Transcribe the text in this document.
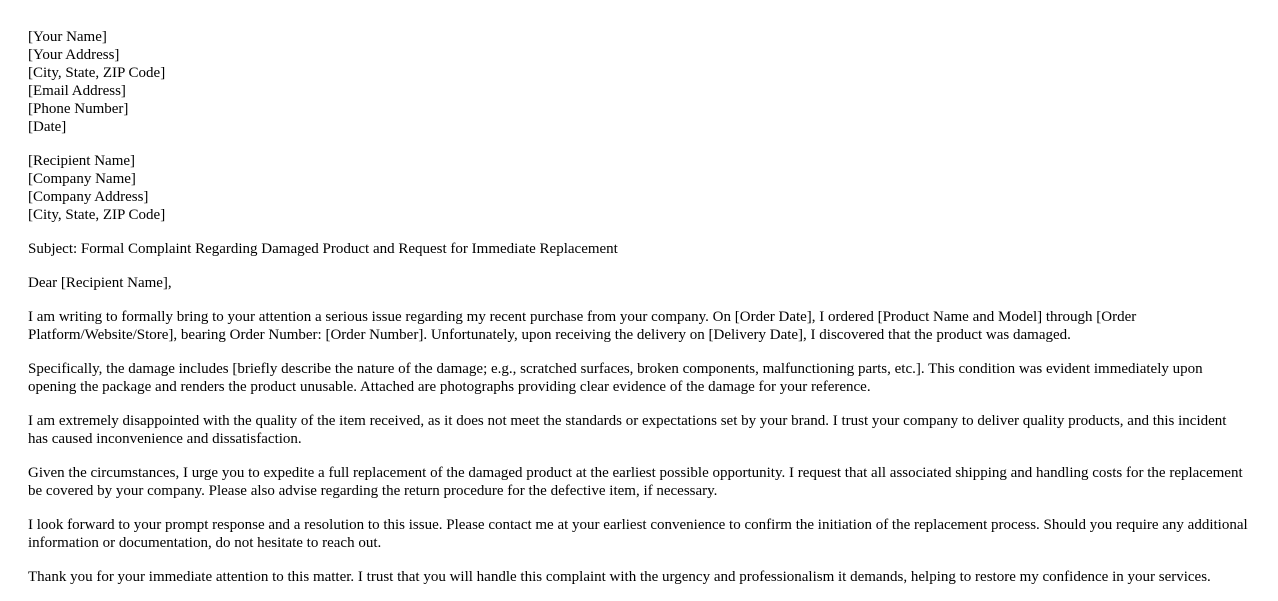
[Your Name]
[Your Address]
[City, State, ZIP Code]
[Email Address]
[Phone Number]
[Date]
[Recipient Name]
[Company Name]
[Company Address]
[City, State, ZIP Code]

Subject: Formal Complaint Regarding Damaged Product and Request for Immediate Replacement

Dear [Recipient Name],

I am writing to formally bring to your attention a serious issue regarding my recent purchase from your company. On [Order Date], I ordered [Product Name and Model] through [Order Platform/Website/Store], bearing Order Number: [Order Number]. Unfortunately, upon receiving the delivery on [Delivery Date], I discovered that the product was damaged.

Specifically, the damage includes [briefly describe the nature of the damage; e.g., scratched surfaces, broken components, malfunctioning parts, etc.]. This condition was evident immediately upon opening the package and renders the product unusable. Attached are photographs providing clear evidence of the damage for your reference.

I am extremely disappointed with the quality of the item received, as it does not meet the standards or expectations set by your brand. I trust your company to deliver quality products, and this incident has caused inconvenience and dissatisfaction.

Given the circumstances, I urge you to expedite a full replacement of the damaged product at the earliest possible opportunity. I request that all associated shipping and handling costs for the replacement be covered by your company. Please also advise regarding the return procedure for the defective item, if necessary.

I look forward to your prompt response and a resolution to this issue. Please contact me at your earliest convenience to confirm the initiation of the replacement process. Should you require any additional information or documentation, do not hesitate to reach out.

Thank you for your immediate attention to this matter. I trust that you will handle this complaint with the urgency and professionalism it demands, helping to restore my confidence in your services.
